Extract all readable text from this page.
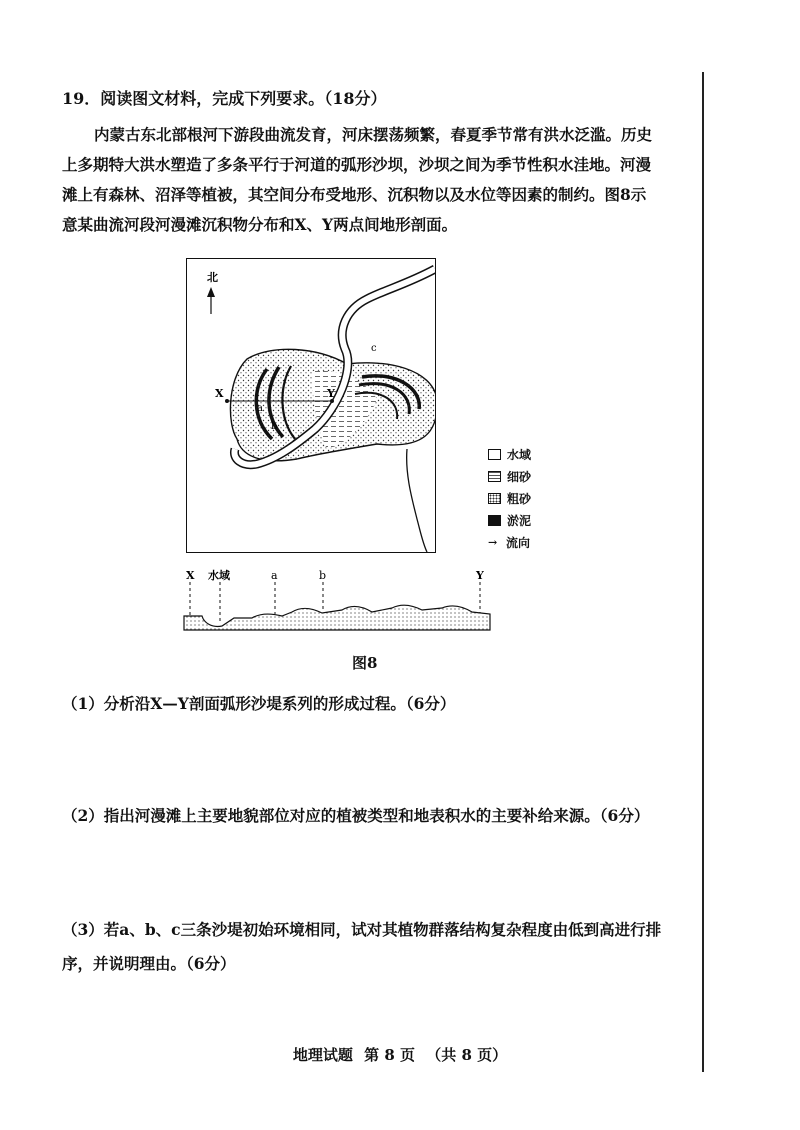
19．阅读图文材料，完成下列要求。（18分）
内蒙古东北部根河下游段曲流发育，河床摆荡频繁，春夏季节常有洪水泛滥。历史
上多期特大洪水塑造了多条平行于河道的弧形沙坝，沙坝之间为季节性积水洼地。河漫
滩上有森林、沼泽等植被，其空间分布受地形、沉积物以及水位等因素的制约。图8示
意某曲流河段河漫滩沉积物分布和X、Y两点间地形剖面。
北
X	Y
a
b
c
水域
细砂
粗砂
淤泥
→ 流向
X 水域	a	b	Y
图8
（1）分析沿X—Y剖面弧形沙堤系列的形成过程。（6分）
（2）指出河漫滩上主要地貌部位对应的植被类型和地表积水的主要补给来源。（6分）
（3）若a、b、c三条沙堤初始环境相同，试对其植物群落结构复杂程度由低到高进行排序，并说明理由。（6分）
地理试题 第 8 页 （共 8 页）
